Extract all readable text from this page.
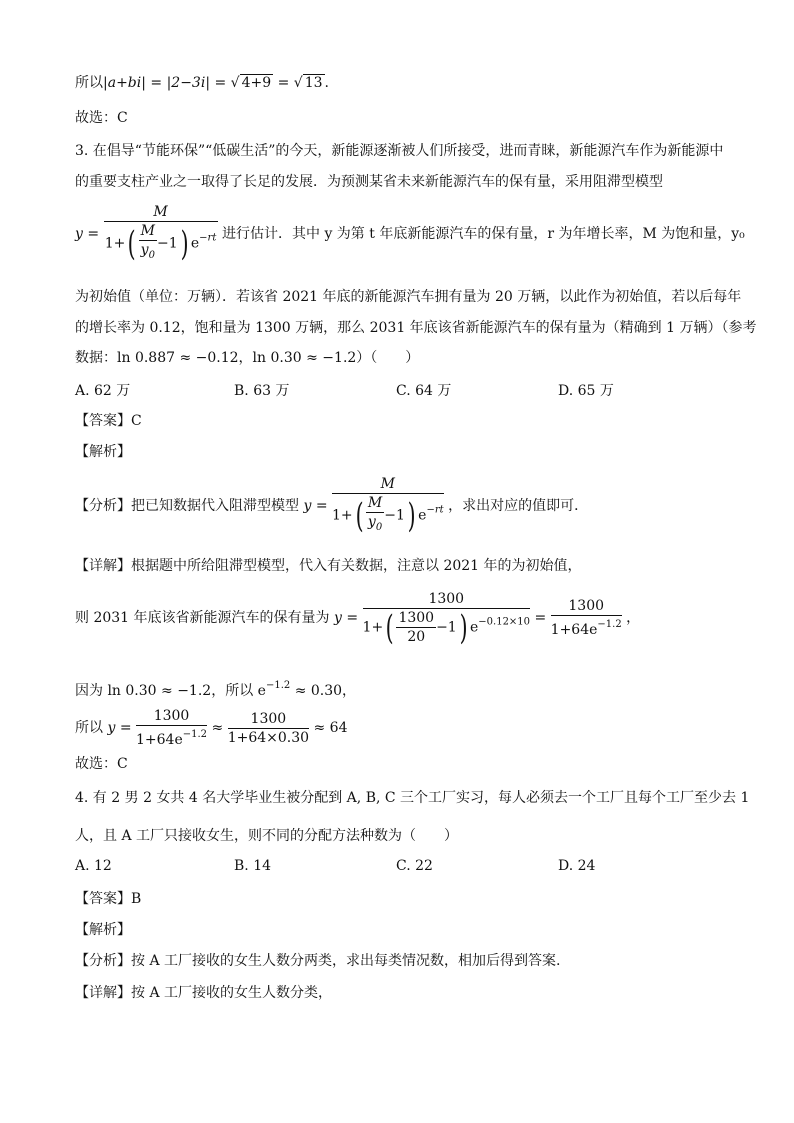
所以|a+bi| = |2−3i| = √ 4+9 = √ 13 .
故选：C
3. 在倡导“节能环保”“低碳生活”的今天，新能源逐渐被人们所接受，进而青睐，新能源汽车作为新能源中
的重要支柱产业之一取得了长足的发展．为预测某省未来新能源汽车的保有量，采用阻滞型模型
$y = \frac{M}{1+( \frac{M}{y_0} -1) e^{-rt}}$ 进行估计．其中 y 为第 t 年底新能源汽车的保有量，r 为年增长率，M 为饱和量，y₀
为初始值（单位：万辆）．若该省 2021 年底的新能源汽车拥有量为 20 万辆，以此作为初始值，若以后每年
的增长率为 0.12，饱和量为 1300 万辆，那么 2031 年底该省新能源汽车的保有量为（精确到 1 万辆）（参考
数据：ln 0.887 ≈ −0.12，ln 0.30 ≈ −1.2）（　　）
A. 62 万	B. 63 万	C. 64 万	D. 65 万
【答案】C
【解析】
【分析】把已知数据代入阻滞型模型 $y = \frac{M}{1+( \frac{M}{y_0} -1) e^{-rt}}$ ，求出对应的值即可．
【详解】根据题中所给阻滞型模型，代入有关数据，注意以 2021 年的为初始值，
则 2031 年底该省新能源汽车的保有量为 $y = \frac{1300}{1+( \frac{1300}{20} -1) e^{-0.12\times 10}} = \frac{1300}{1+64e^{-1.2}}$ ，
因为 ln 0.30 ≈ −1.2，所以 $e^{-1.2} \approx 0.30$，
所以 $y = \frac{1300}{1+64e^{-1.2}} \approx \frac{1300}{1+64\times 0.30} \approx 64$
故选：C
4. 有 2 男 2 女共 4 名大学毕业生被分配到 A, B, C 三个工厂实习，每人必须去一个工厂且每个工厂至少去 1
人，且 A 工厂只接收女生，则不同的分配方法种数为（　　）
A. 12	B. 14	C. 22	D. 24
【答案】B
【解析】
【分析】按 A 工厂接收的女生人数分两类，求出每类情况数，相加后得到答案.
【详解】按 A 工厂接收的女生人数分类，
